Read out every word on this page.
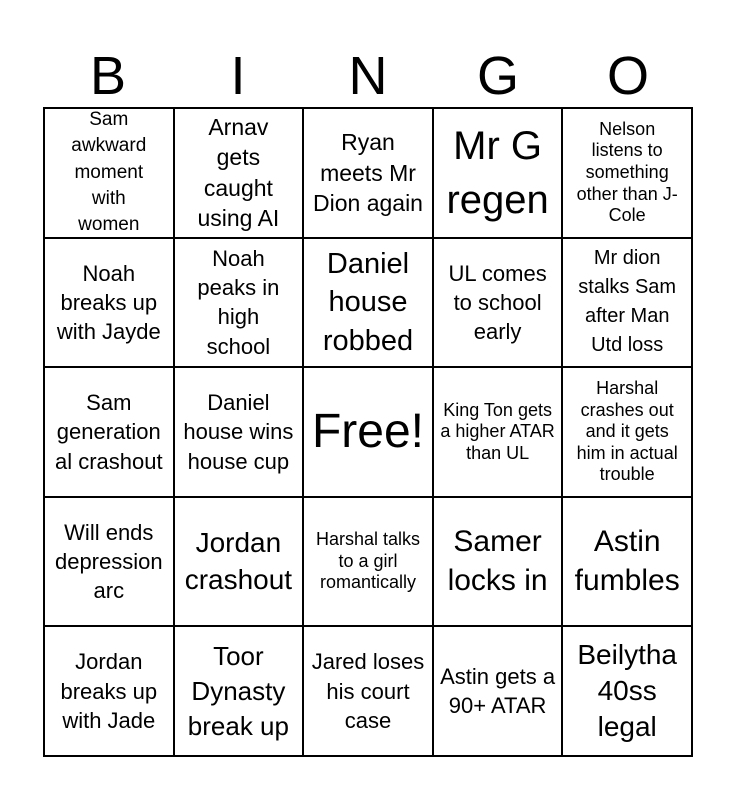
B	I	N	G	O
Sam awkward moment with women
Arnav gets caught using AI
Ryan meets Mr Dion again
Mr G regen
Nelson listens to something other than J-Cole
Noah breaks up with Jayde
Noah peaks in high school
Daniel house robbed
UL comes to school early
Mr dion stalks Sam after Man Utd loss
Sam generation al crashout
Daniel house wins house cup
Free! King Ton gets a higher ATAR than UL
Harshal crashes out and it gets him in actual trouble
Will ends depression arc
Jordan crashout
Harshal talks to a girl romantically
Samer locks in
Astin fumbles
Jordan breaks up with Jade
Toor Dynasty break up
Jared loses his court case
Astin gets a 90+ ATAR
Beilytha 40ss legal
